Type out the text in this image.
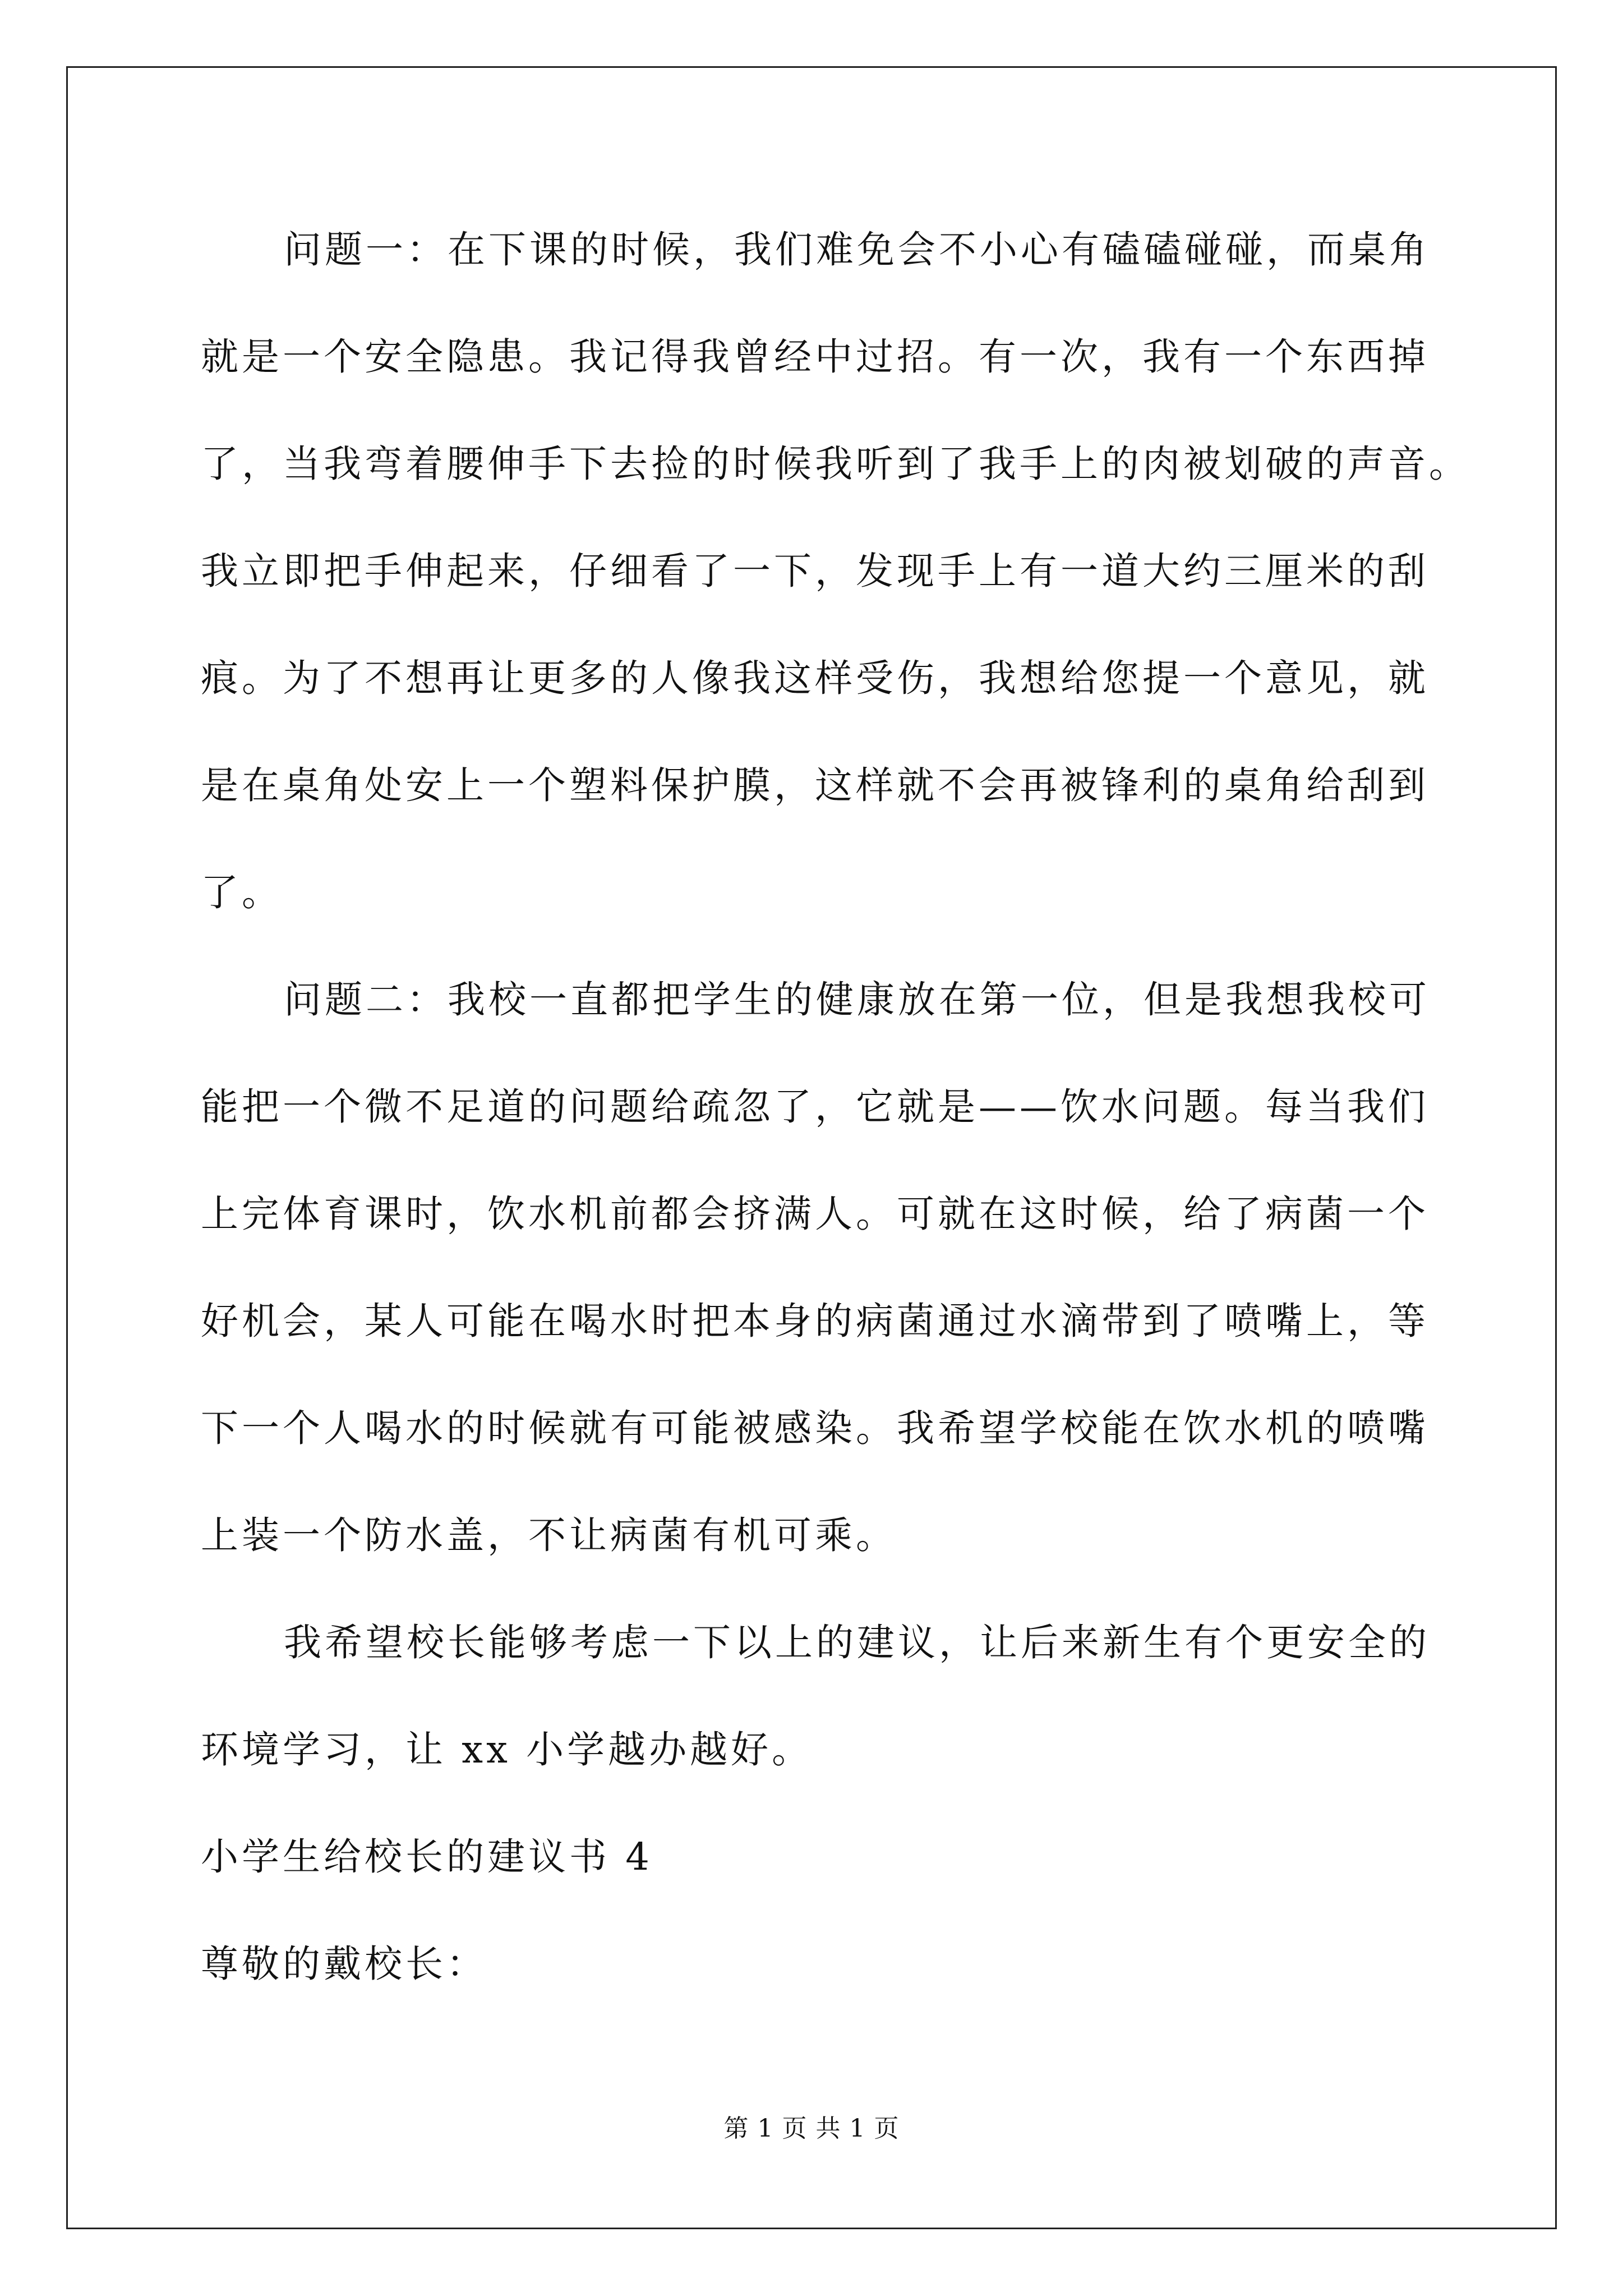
问题一：在下课的时候，我们难免会不小心有磕磕碰碰，而桌角
就是一个安全隐患。我记得我曾经中过招。有一次，我有一个东西掉
了，当我弯着腰伸手下去捡的时候我听到了我手上的肉被划破的声音。
我立即把手伸起来，仔细看了一下，发现手上有一道大约三厘米的刮
痕。为了不想再让更多的人像我这样受伤，我想给您提一个意见，就
是在桌角处安上一个塑料保护膜，这样就不会再被锋利的桌角给刮到
了。
问题二：我校一直都把学生的健康放在第一位，但是我想我校可
能把一个微不足道的问题给疏忽了，它就是——饮水问题。每当我们
上完体育课时，饮水机前都会挤满人。可就在这时候，给了病菌一个
好机会，某人可能在喝水时把本身的病菌通过水滴带到了喷嘴上，等
下一个人喝水的时候就有可能被感染。我希望学校能在饮水机的喷嘴
上装一个防水盖，不让病菌有机可乘。
我希望校长能够考虑一下以上的建议，让后来新生有个更安全的
环境学习，让 xx 小学越办越好。
小学生给校长的建议书 4
尊敬的戴校长：
第 1 页 共 1 页
